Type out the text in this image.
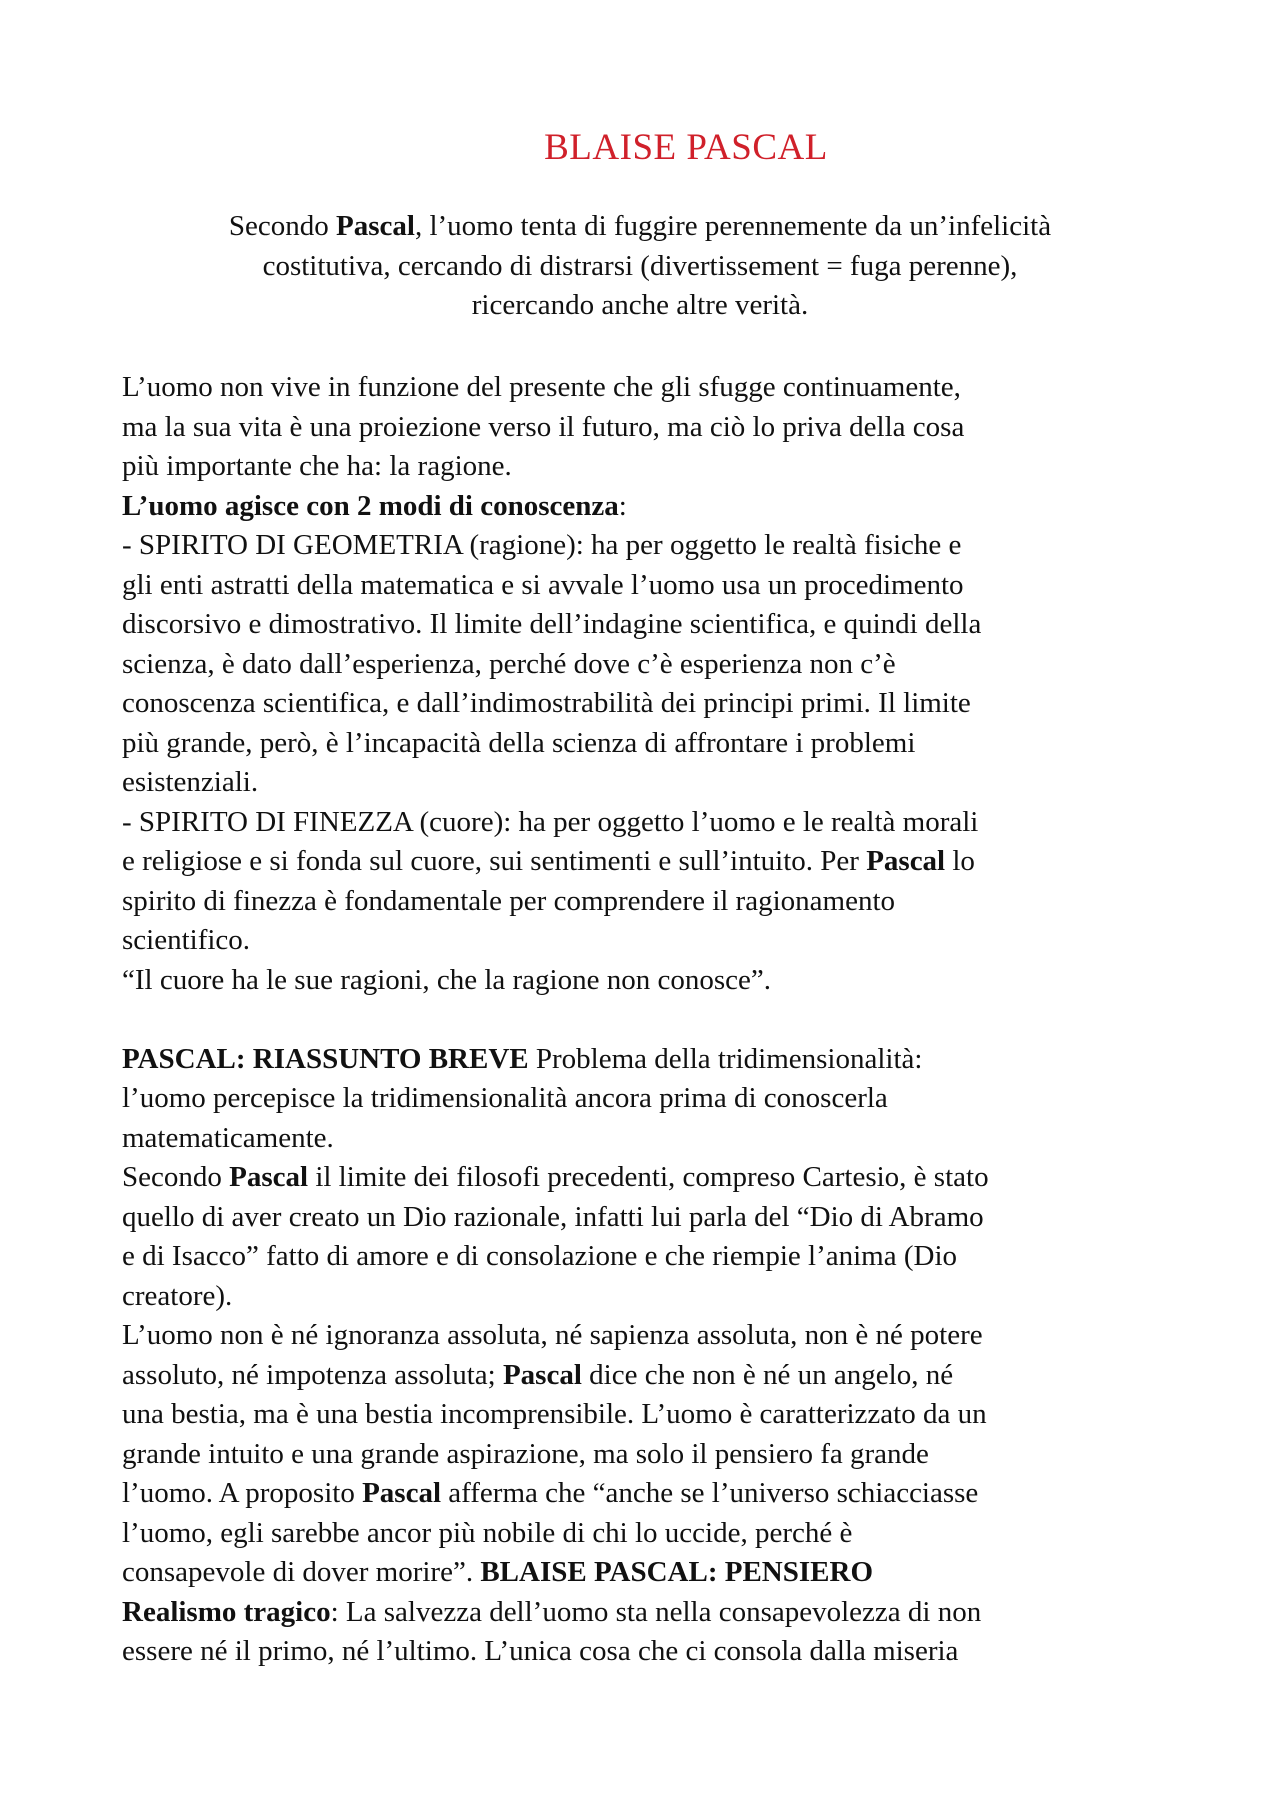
BLAISE PASCAL
Secondo Pascal, l’uomo tenta di fuggire perennemente da un’infelicità
costitutiva, cercando di distrarsi (divertissement = fuga perenne),
ricercando anche altre verità.
L’uomo non vive in funzione del presente che gli sfugge continuamente,
ma la sua vita è una proiezione verso il futuro, ma ciò lo priva della cosa
più importante che ha: la ragione.
L’uomo agisce con 2 modi di conoscenza:
- SPIRITO DI GEOMETRIA (ragione): ha per oggetto le realtà fisiche e
gli enti astratti della matematica e si avvale l’uomo usa un procedimento
discorsivo e dimostrativo. Il limite dell’indagine scientifica, e quindi della
scienza, è dato dall’esperienza, perché dove c’è esperienza non c’è
conoscenza scientifica, e dall’indimostrabilità dei principi primi. Il limite
più grande, però, è l’incapacità della scienza di affrontare i problemi
esistenziali.
- SPIRITO DI FINEZZA (cuore): ha per oggetto l’uomo e le realtà morali
e religiose e si fonda sul cuore, sui sentimenti e sull’intuito. Per Pascal lo
spirito di finezza è fondamentale per comprendere il ragionamento
scientifico.
“Il cuore ha le sue ragioni, che la ragione non conosce”.
PASCAL: RIASSUNTO BREVE Problema della tridimensionalità:
l’uomo percepisce la tridimensionalità ancora prima di conoscerla
matematicamente.
Secondo Pascal il limite dei filosofi precedenti, compreso Cartesio, è stato
quello di aver creato un Dio razionale, infatti lui parla del “Dio di Abramo
e di Isacco” fatto di amore e di consolazione e che riempie l’anima (Dio
creatore).
L’uomo non è né ignoranza assoluta, né sapienza assoluta, non è né potere
assoluto, né impotenza assoluta; Pascal dice che non è né un angelo, né
una bestia, ma è una bestia incomprensibile. L’uomo è caratterizzato da un
grande intuito e una grande aspirazione, ma solo il pensiero fa grande
l’uomo. A proposito Pascal afferma che “anche se l’universo schiacciasse
l’uomo, egli sarebbe ancor più nobile di chi lo uccide, perché è
consapevole di dover morire”. BLAISE PASCAL: PENSIERO
Realismo tragico: La salvezza dell’uomo sta nella consapevolezza di non
essere né il primo, né l’ultimo. L’unica cosa che ci consola dalla miseria
